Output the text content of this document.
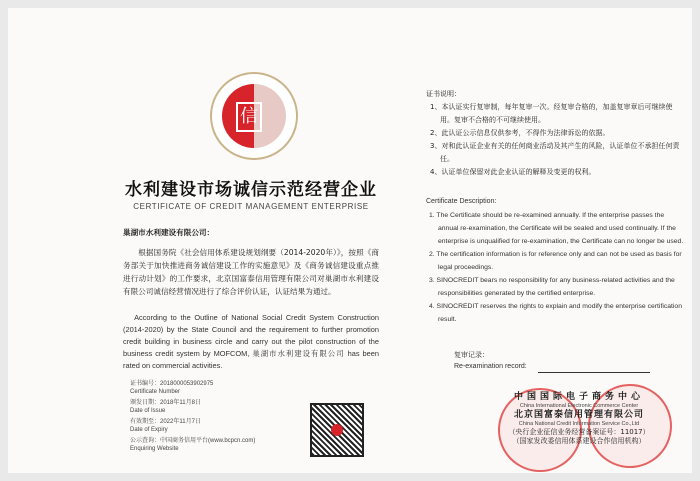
信
水利建设市场诚信示范经营企业
CERTIFICATE OF CREDIT MANAGEMENT ENTERPRISE
巢湖市水利建设有限公司：
根据国务院《社会信用体系建设规划纲要（2014-2020年）》，按照《商务部关于加快推进商务诚信建设工作的实施意见》及《商务诚信建设重点推进行动计划》的工作要求，北京国富泰信用管理有限公司对巢湖市水利建设有限公司诚信经营情况进行了综合评价认证，认证结果为通过。
According to the Outline of National Social Credit System Construction (2014-2020) by the State Council and the requirement to further promotion credit building in business circle and carry out the pilot construction of the business credit system by MOFCOM, 巢湖市水利建设有限公司 has been rated on commercial activities.
证书编号：2018000053902975
Certificate Number
颁发日期：2018年11月8日
Date of Issue
有效期至：2022年11月7日
Date of Expiry
公示查询：中国商务信用平台(www.bcpcn.com)
Enquiring Website
证书说明：
1、本认证实行复审制，每年复审一次。经复审合格的，加盖复审章后可继续使用。复审不合格的不可继续使用。
2、此认证公示信息仅供参考，不得作为法律诉讼的依据。
3、对和此认证企业有关的任何商业活动及其产生的风险，认证单位不承担任何责任。
4、认证单位保留对此企业认证的解释及变更的权利。
Certificate Description:
1. The Certificate should be re-examined annually. If the enterprise passes the annual re-examination, the Certificate will be sealed and used continually. If the enterprise is unqualified for re-examination, the Certificate can no longer be used.
2. The certification information is for reference only and can not be used as basis for legal proceedings.
3. SINOCREDIT bears no responsibility for any business-related activities and the responsibilities generated by the certified enterprise.
4. SINOCREDIT reserves the rights to explain and modify the enterprise certification result.
复审记录：
Re-examination record:
中国国际电子商务中心
China International Electronic Commerce Center
北京国富泰信用管理有限公司
China National Credit Information Service Co.,Ltd
（央行企业征信业务经营备案证号：11017）
（国家发改委信用体系建设合作信用机构）
